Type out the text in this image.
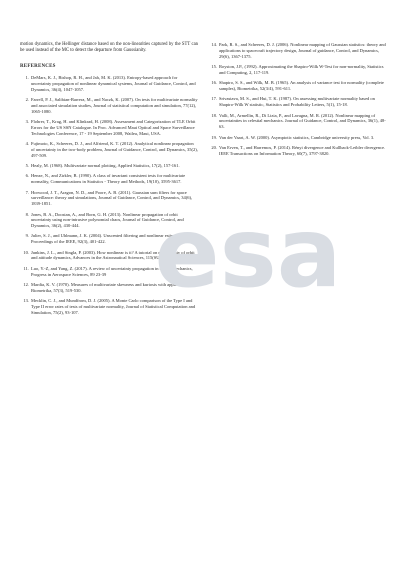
motion dynamics, the Hellinger distance based on the non-linearities captured by the STT can be used instead of the MC to detect the departure from Gaussianity.

REFERENCES
1. DeMars, K. J., Bishop, R. H., and Jah, M. K. (2013). Entropy-based approach for uncertainty propagation of nonlinear dynamical systems, Journal of Guidance, Control, and Dynamics, 36(4), 1047-1057.
2. Farrell, P. J., Salibian-Barrera, M., and Naczk, K. (2007). On tests for multivariate normality and associated simulation studies, Journal of statistical computation and simulation, 77(12), 1065-1080.
3. Flohrer, T., Krag, H. and Klinkrad, H. (2008). Assessment and Categorization of TLE Orbit Errors for the US SSN Catalogue. In Proc. Advanced Maui Optical and Space Surveillance Technologies Conference, 17 - 19 September 2008, Wailea, Maui, USA.
4. Fujimoto, K., Scheeres, D. J., and Alfriend, K. T. (2012). Analytical nonlinear propagation of uncertainty in the two-body problem, Journal of Guidance, Control, and Dynamics, 35(2), 497-509.
5. Healy, M. (1968). Multivariate normal plotting, Applied Statistics, 17(2), 157-161.
6. Henze, N., and Zirkler, B. (1990). A class of invariant consistent tests for multivariate normality, Communications in Statistics - Theory and Methods, 19(10), 3595-3617.
7. Horwood, J. T., Aragon, N. D., and Poore, A. B. (2011). Gaussian sum filters for space surveillance: theory and simulations, Journal of Guidance, Control, and Dynamics, 34(6), 1839-1851.
8. Jones, B. A., Doostan, A., and Born, G. H. (2013). Nonlinear propagation of orbit uncertainty using non-intrusive polynomial chaos, Journal of Guidance, Control, and Dynamics, 36(2), 430-444.
9. Julier, S. J., and Uhlmann, J. K. (2004). Unscented filtering and nonlinear estimation, Proceedings of the IEEE, 92(3), 401-422.
10. Junkins, J. L., and Singla, P. (2003). How nonlinear is it? A tutorial on nonlinearity of orbit and attitude dynamics, Advances in the Astronautical Sciences, 115(SUPPL.), 1-45.
11. Luo, Y.-Z, and Yang, Z. (2017). A review of uncertainty propagation in orbital mechanics, Progress in Aerospace Sciences, 89 23-39
12. Mardia, K. V. (1970). Measures of multivariate skewness and kurtosis with applications, Biometrika, 57(3), 519-530.
13. Mecklin, C. J., and Mundfrom, D. J. (2005). A Monte Carlo comparison of the Type I and Type II error rates of tests of multivariate normality, Journal of Statistical Computation and Simulation, 75(2), 93-107.
14. Park, R. S., and Scheeres, D. J. (2006). Nonlinear mapping of Gaussian statistics: theory and applications to spacecraft trajectory design, Journal of guidance, Control, and Dynamics, 29(6), 1367-1375.
15. Royston, J.P., (1992). Approximating the Shapiro-Wilk W-Test for non-normality, Statistics and Computing, 2, 117-119.
16. Shapiro, S. S., and Wilk, M. B. (1965). An analysis of variance test for normality (complete samples), Biometrika, 52(3/4), 591-611.
17. Srivastava, M. S., and Hui, T. K. (1987). On assessing multivariate normality based on Shapiro-Wilk W statistic, Statistics and Probability Letters, 5(1), 15-18.
18. Valli, M., Armellin, R., Di Lizia, P., and Lavagna, M. R. (2012). Nonlinear mapping of uncertainties in celestial mechanics. Journal of Guidance, Control, and Dynamics, 36(1), 48-63.
19. Van der Vaart, A. W. (2000). Asymptotic statistics, Cambridge university press, Vol. 3.
20. Van Erven, T., and Harremos, P. (2014). Rényi divergence and Kullback-Leibler divergence. IEEE Transactions on Information Theory, 60(7), 3797-3820.
esa
